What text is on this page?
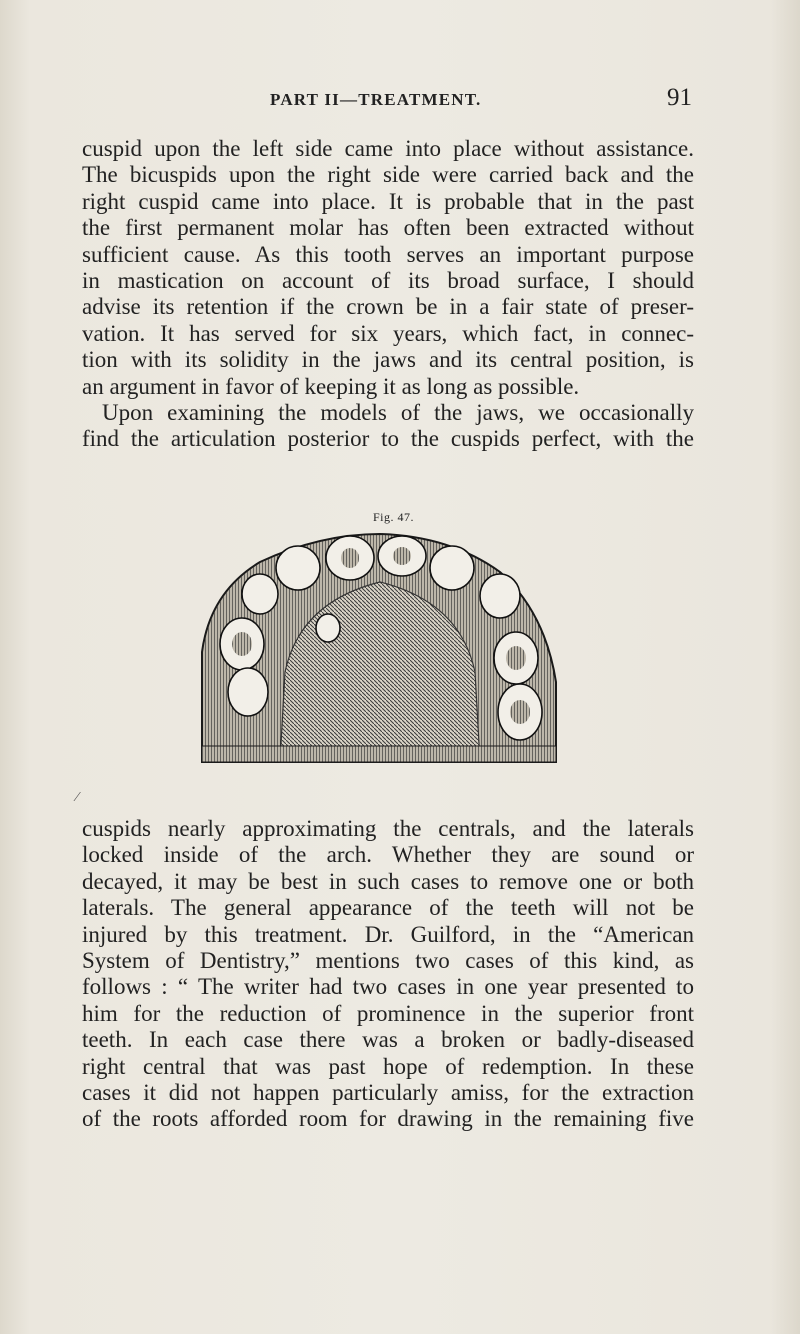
PART II—TREATMENT.	91

cuspid upon the left side came into place without assistance.
The bicuspids upon the right side were carried back and the
right cuspid came into place. It is probable that in the past
the first permanent molar has often been extracted without
sufficient cause. As this tooth serves an important purpose
in mastication on account of its broad surface, I should
advise its retention if the crown be in a fair state of preser-
vation. It has served for six years, which fact, in connec-
tion with its solidity in the jaws and its central position, is
an argument in favor of keeping it as long as possible.
Upon examining the models of the jaws, we occasionally
find the articulation posterior to the cuspids perfect, with the

Fig. 47.
⁄

cuspids nearly approximating the centrals, and the laterals
locked inside of the arch. Whether they are sound or
decayed, it may be best in such cases to remove one or both
laterals. The general appearance of the teeth will not be
injured by this treatment. Dr. Guilford, in the “American
System of Dentistry,” mentions two cases of this kind, as
follows : “ The writer had two cases in one year presented to
him for the reduction of prominence in the superior front
teeth. In each case there was a broken or badly-diseased
right central that was past hope of redemption. In these
cases it did not happen particularly amiss, for the extraction
of the roots afforded room for drawing in the remaining five
